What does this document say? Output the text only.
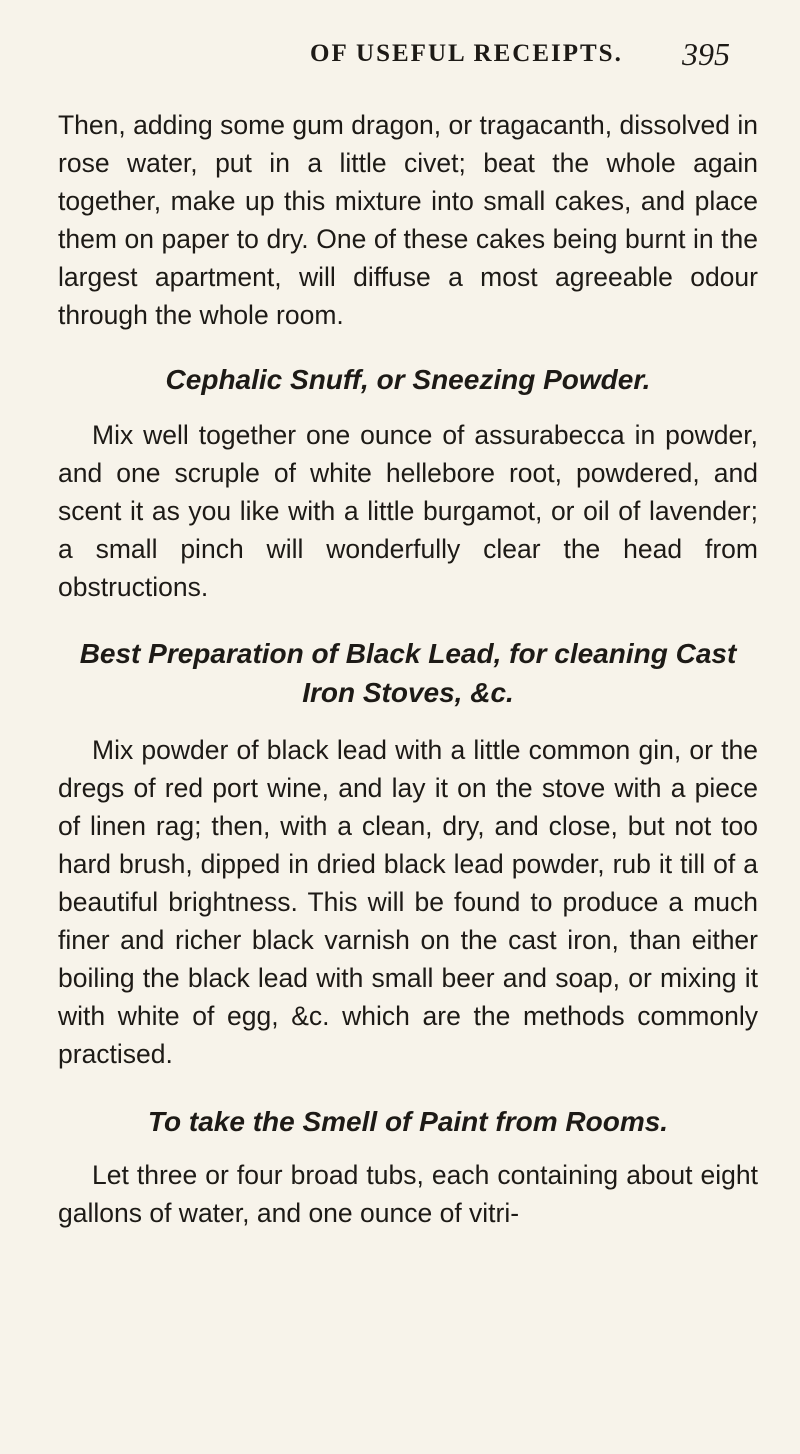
OF USEFUL RECEIPTS. 395

Then, adding some gum dragon, or tragacanth, dissolved in rose water, put in a little civet; beat the whole again together, make up this mixture into small cakes, and place them on paper to dry. One of these cakes being burnt in the largest apartment, will diffuse a most agreeable odour through the whole room.

Cephalic Snuff, or Sneezing Powder.

Mix well together one ounce of assurabecca in powder, and one scruple of white hellebore root, powdered, and scent it as you like with a little burgamot, or oil of lavender; a small pinch will wonderfully clear the head from obstructions.

Best Preparation of Black Lead, for cleaning Cast Iron Stoves, &c.

Mix powder of black lead with a little common gin, or the dregs of red port wine, and lay it on the stove with a piece of linen rag; then, with a clean, dry, and close, but not too hard brush, dipped in dried black lead powder, rub it till of a beautiful brightness. This will be found to produce a much finer and richer black varnish on the cast iron, than either boiling the black lead with small beer and soap, or mixing it with white of egg, &c. which are the methods commonly practised.

To take the Smell of Paint from Rooms.

Let three or four broad tubs, each containing about eight gallons of water, and one ounce of vitri-
